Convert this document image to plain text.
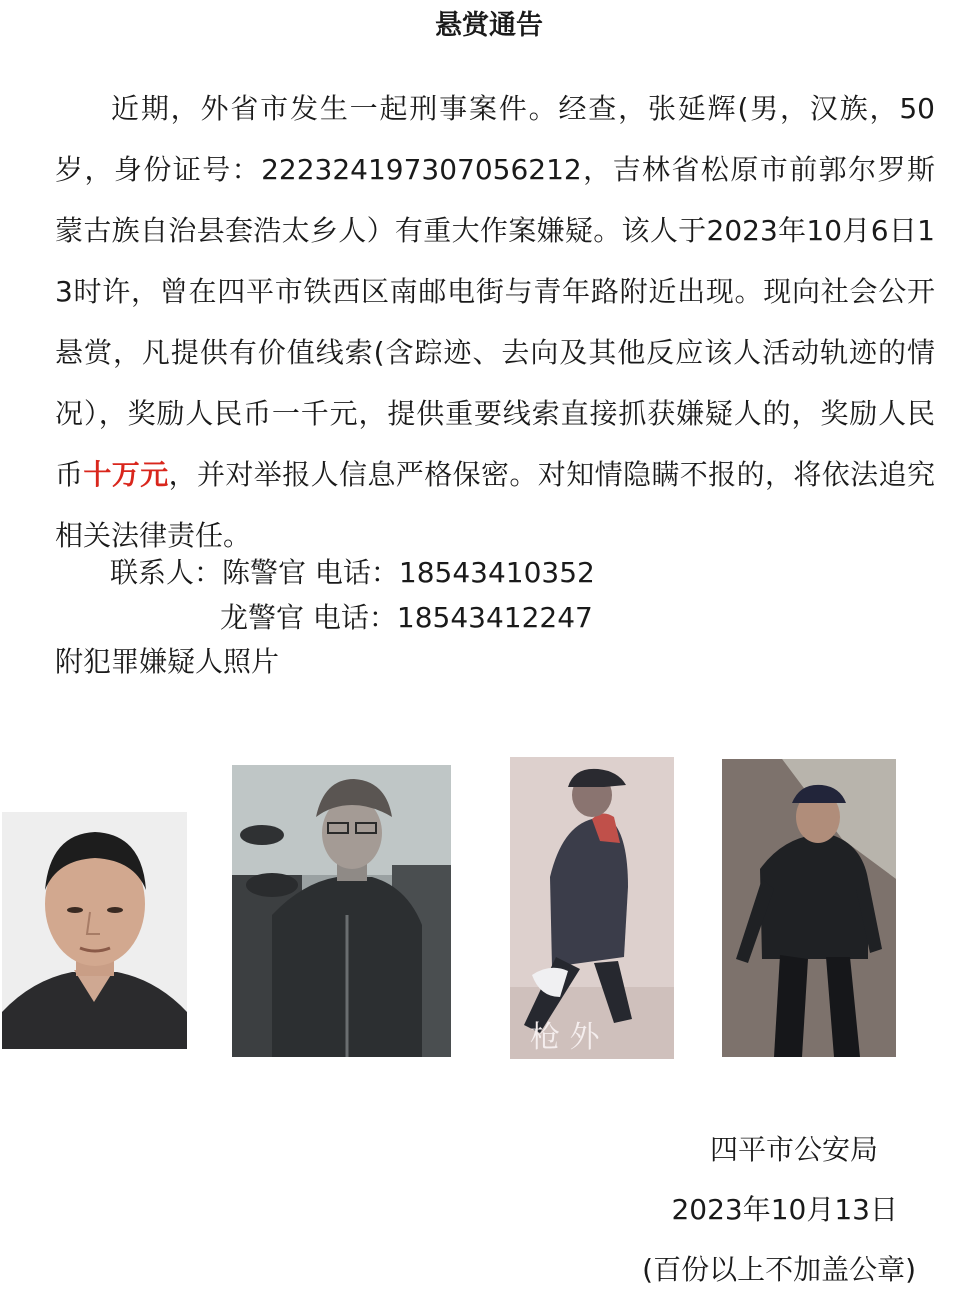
悬赏通告

近期，外省市发生一起刑事案件。经查，张延辉(男，汉族，50岁，身份证号：222324197307056212，吉林省松原市前郭尔罗斯蒙古族自治县套浩太乡人）有重大作案嫌疑。该人于2023年10月6日13时许，曾在四平市铁西区南邮电街与青年路附近出现。现向社会公开悬赏，凡提供有价值线索(含踪迹、去向及其他反应该人活动轨迹的情况），奖励人民币一千元，提供重要线索直接抓获嫌疑人的，奖励人民币十万元，并对举报人信息严格保密。对知情隐瞒不报的，将依法追究相关法律责任。

联系人：陈警官 电话：18543410352
龙警官 电话：18543412247
附犯罪嫌疑人照片
枪 外
四平市公安局
2023年10月13日
(百份以上不加盖公章)
